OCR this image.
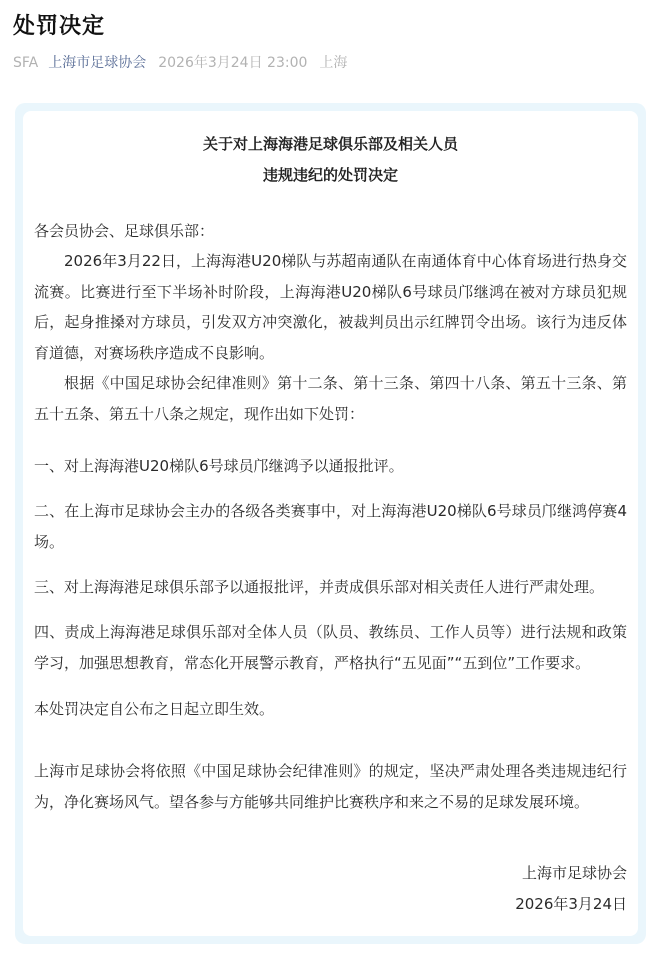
处罚决定
SFA 上海市足球协会 2026年3月24日 23:00 上海
关于对上海海港足球俱乐部及相关人员
违规违纪的处罚决定

各会员协会、足球俱乐部：

2026年3月22日，上海海港U20梯队与苏超南通队在南通体育中心体育场进行热身交流赛。比赛进行至下半场补时阶段，上海海港U20梯队6号球员邝继鸿在被对方球员犯规后，起身推搡对方球员，引发双方冲突激化，被裁判员出示红牌罚令出场。该行为违反体育道德，对赛场秩序造成不良影响。

根据《中国足球协会纪律准则》第十二条、第十三条、第四十八条、第五十三条、第五十五条、第五十八条之规定，现作出如下处罚：

一、对上海海港U20梯队6号球员邝继鸿予以通报批评。

二、在上海市足球协会主办的各级各类赛事中，对上海海港U20梯队6号球员邝继鸿停赛4场。

三、对上海海港足球俱乐部予以通报批评，并责成俱乐部对相关责任人进行严肃处理。

四、责成上海海港足球俱乐部对全体人员（队员、教练员、工作人员等）进行法规和政策学习，加强思想教育，常态化开展警示教育，严格执行“五见面”“五到位”工作要求。

本处罚决定自公布之日起立即生效。

上海市足球协会将依照《中国足球协会纪律准则》的规定，坚决严肃处理各类违规违纪行为，净化赛场风气。望各参与方能够共同维护比赛秩序和来之不易的足球发展环境。

上海市足球协会
2026年3月24日
